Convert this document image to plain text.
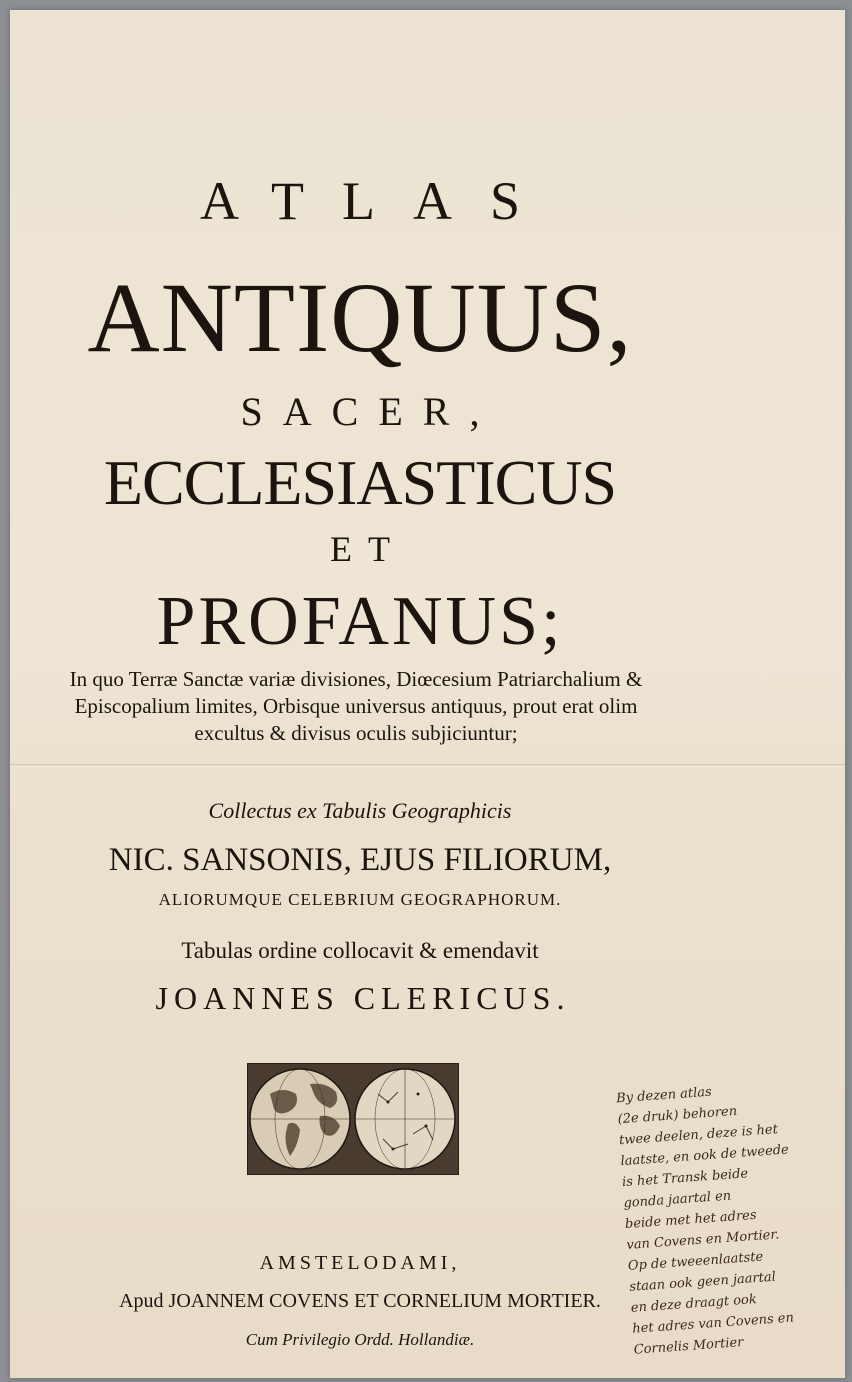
ATLAS
ANTIQUUS,
SACER,
ECCLESIASTICUS
ET
PROFANUS;
In quo Terræ Sanctæ variæ divisiones, Diœcesium Patriarchalium & Episcopalium limites, Orbisque universus antiquus, prout erat olim excultus & divisus oculis subjiciuntur;
Collectus ex Tabulis Geographicis
NIC. SANSONIS, EJUS FILIORUM,
ALIORUMQUE CELEBRIUM GEOGRAPHORUM.
Tabulas ordine collocavit & emendavit
JOANNES CLERICUS.
AMSTELODAMI,
Apud JOANNEM COVENS ET CORNELIUM MORTIER.
Cum Privilegio Ordd. Hollandiæ.
By dezen atlas
(2e druk) behoren
twee deelen, deze is het
laatste, en ook de tweede
is het Transk beide
gonda jaartal en
beide met het adres
van Covens en Mortier.
Op de tweeenlaatste
staan ook geen jaartal
en deze draagt ook
het adres van Covens en
Cornelis Mortier
